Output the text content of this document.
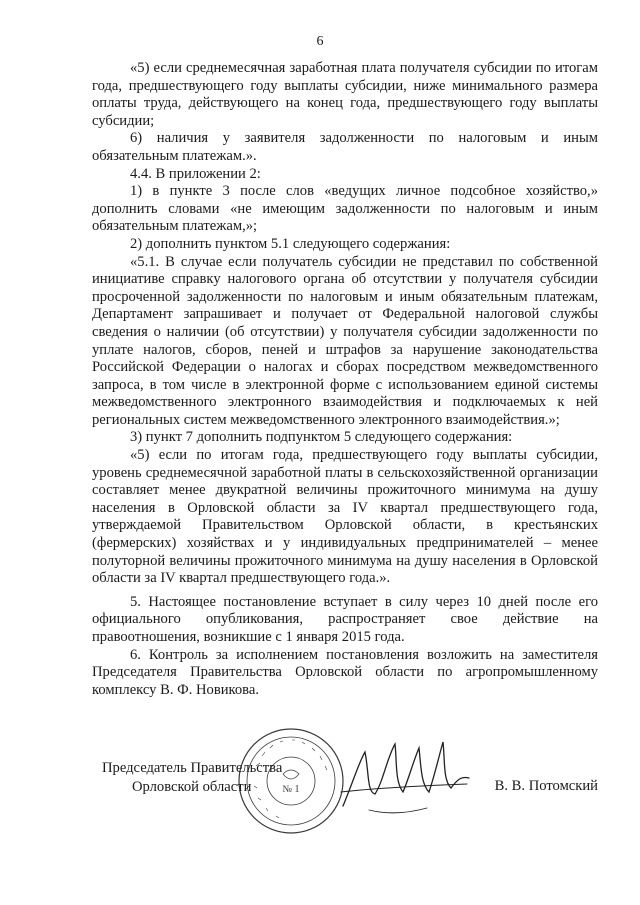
6

«5) если среднемесячная заработная плата получателя субсидии по итогам года, предшествующего году выплаты субсидии, ниже минимального размера оплаты труда, действующего на конец года, предшествующего году выплаты субсидии;

6) наличия у заявителя задолженности по налоговым и иным обязательным платежам.».

4.4. В приложении 2:

1) в пункте 3 после слов «ведущих личное подсобное хозяйство,» дополнить словами «не имеющим задолженности по налоговым и иным обязательным платежам,»;

2) дополнить пунктом 5.1 следующего содержания:

«5.1. В случае если получатель субсидии не представил по собственной инициативе справку налогового органа об отсутствии у получателя субсидии просроченной задолженности по налоговым и иным обязательным платежам, Департамент запрашивает и получает от Федеральной налоговой службы сведения о наличии (об отсутствии) у получателя субсидии задолженности по уплате налогов, сборов, пеней и штрафов за нарушение законодательства Российской Федерации о налогах и сборах посредством межведомственного запроса, в том числе в электронной форме с использованием единой системы межведомственного электронного взаимодействия и подключаемых к ней региональных систем межведомственного электронного взаимодействия.»;

3) пункт 7 дополнить подпунктом 5 следующего содержания:

«5) если по итогам года, предшествующего году выплаты субсидии, уровень среднемесячной заработной платы в сельскохозяйственной организации составляет менее двукратной величины прожиточного минимума на душу населения в Орловской области за IV квартал предшествующего года, утверждаемой Правительством Орловской области, в крестьянских (фермерских) хозяйствах и у индивидуальных предпринимателей – менее полуторной величины прожиточного минимума на душу населения в Орловской области за IV квартал предшествующего года.».

5. Настоящее постановление вступает в силу через 10 дней после его официального опубликования, распространяет свое действие на правоотношения, возникшие с 1 января 2015 года.

6. Контроль за исполнением постановления возложить на заместителя Председателя Правительства Орловской области по агропромышленному комплексу В. Ф. Новикова.

№ 1
Председатель Правительства
Орловской области	В. В. Потомский
